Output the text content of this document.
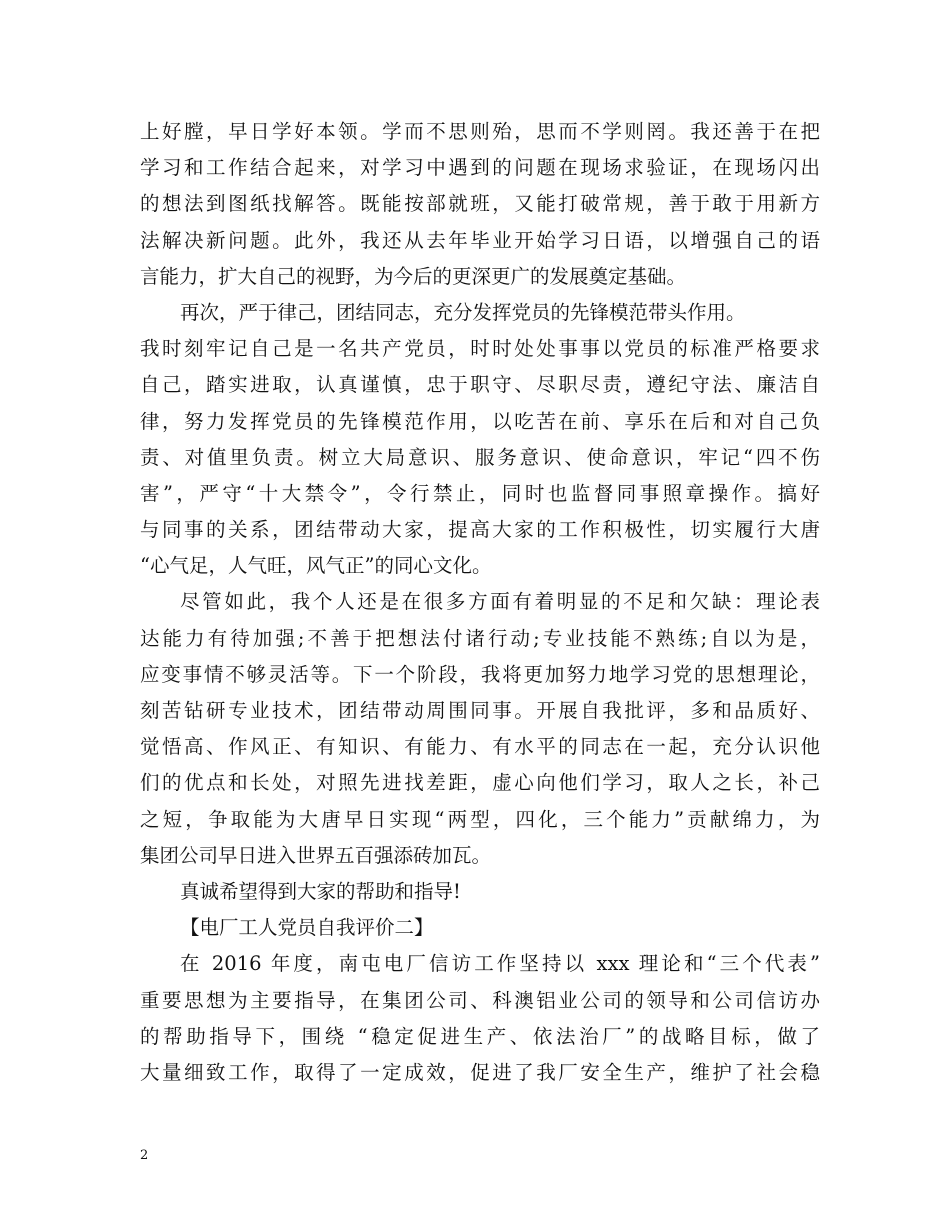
上好膛，早日学好本领。学而不思则殆，思而不学则罔。我还善于在把
学习和工作结合起来，对学习中遇到的问题在现场求验证，在现场闪出
的想法到图纸找解答。既能按部就班，又能打破常规，善于敢于用新方
法解决新问题。此外，我还从去年毕业开始学习日语，以增强自己的语
言能力，扩大自己的视野，为今后的更深更广的发展奠定基础。
再次，严于律己，团结同志，充分发挥党员的先锋模范带头作用。
我时刻牢记自己是一名共产党员，时时处处事事以党员的标准严格要求
自己，踏实进取，认真谨慎，忠于职守、尽职尽责，遵纪守法、廉洁自
律，努力发挥党员的先锋模范作用，以吃苦在前、享乐在后和对自己负
责、对值里负责。树立大局意识、服务意识、使命意识，牢记“四不伤
害”，严守“十大禁令”，令行禁止，同时也监督同事照章操作。搞好
与同事的关系，团结带动大家，提高大家的工作积极性，切实履行大唐
“心气足，人气旺，风气正”的同心文化。
尽管如此，我个人还是在很多方面有着明显的不足和欠缺：理论表
达能力有待加强;不善于把想法付诸行动;专业技能不熟练;自以为是，
应变事情不够灵活等。下一个阶段，我将更加努力地学习党的思想理论，
刻苦钻研专业技术，团结带动周围同事。开展自我批评，多和品质好、
觉悟高、作风正、有知识、有能力、有水平的同志在一起，充分认识他
们的优点和长处，对照先进找差距，虚心向他们学习，取人之长，补己
之短，争取能为大唐早日实现“两型，四化，三个能力”贡献绵力，为
集团公司早日进入世界五百强添砖加瓦。
真诚希望得到大家的帮助和指导!
【电厂工人党员自我评价二】
在 2016 年度，南屯电厂信访工作坚持以 xxx 理论和“三个代表”
重要思想为主要指导，在集团公司、科澳铝业公司的领导和公司信访办
的帮助指导下，围绕 “稳定促进生产、依法治厂”的战略目标，做了
大量细致工作，取得了一定成效，促进了我厂安全生产，维护了社会稳
2
